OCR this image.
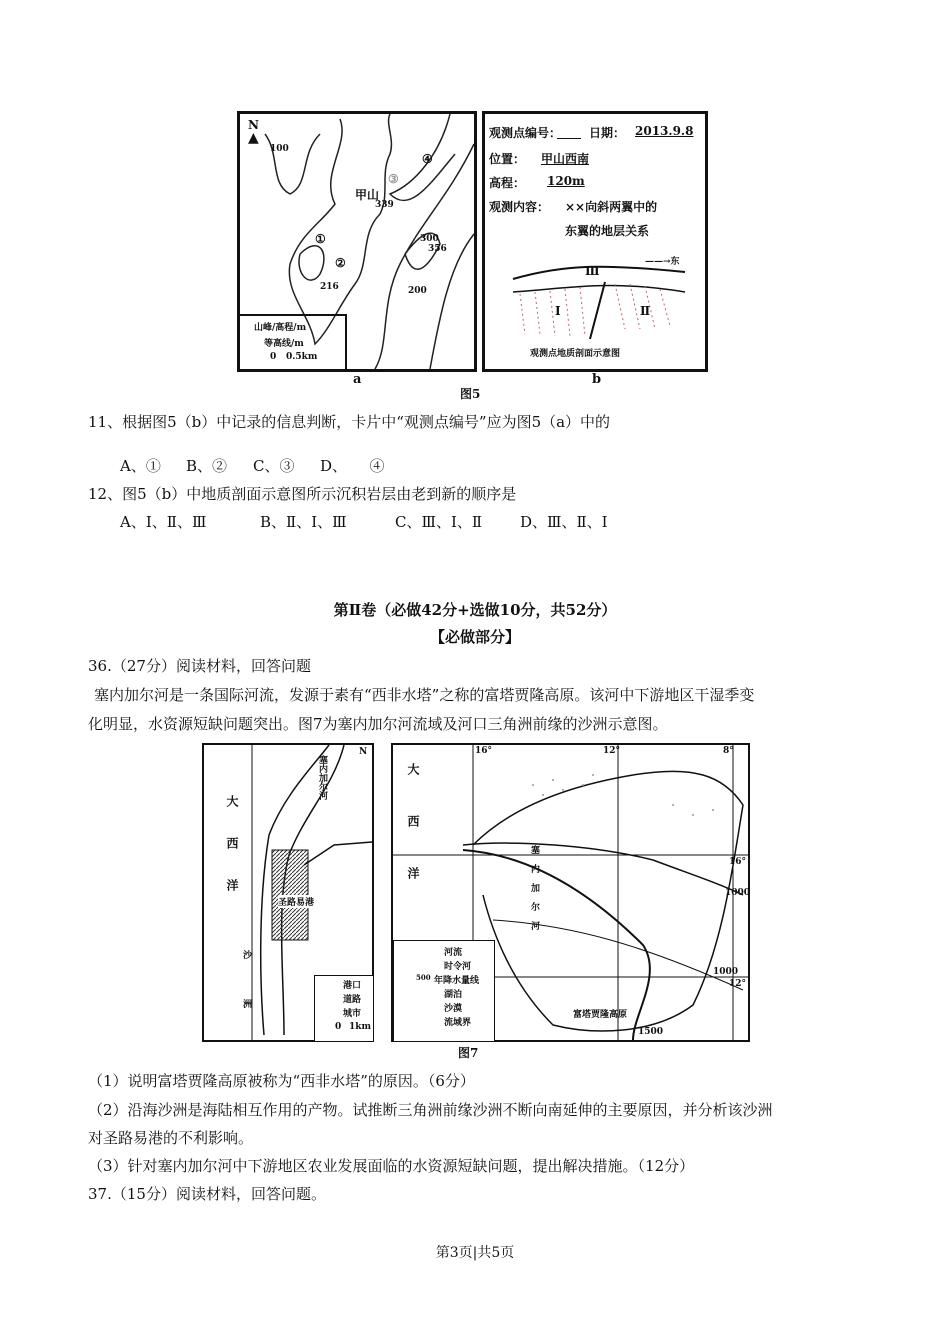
N
▲
100
甲山
339
③
④
①
②
216
300
356
200
山峰/高程/m
等高线/m
0 0.5km
a
观测点编号： 日期： 2013.9.8
位置： 甲山西南
高程： 120m
观测内容： ××向斜两翼中的
东翼的地层关系
——→东
Ⅲ
Ⅰ	Ⅱ
观测点地质剖面示意图
b
图5
11、根据图5（b）中记录的信息判断，卡片中“观测点编号”应为图5（a）中的
A、① B、② C、③ D、　　④
12、图5（b）中地质剖面示意图所示沉积岩层由老到新的顺序是
A、Ⅰ、Ⅱ、Ⅲ	B、Ⅱ、Ⅰ、Ⅲ	C、Ⅲ、Ⅰ、Ⅱ	D、Ⅲ、Ⅱ、Ⅰ
第Ⅱ卷（必做42分+选做10分，共52分）
【必做部分】
36.（27分）阅读材料，回答问题
塞内加尔河是一条国际河流，发源于素有“西非水塔”之称的富塔贾隆高原。该河中下游地区干湿季变
化明显，水资源短缺问题突出。图7为塞内加尔河流域及河口三角洲前缘的沙洲示意图。
大西洋
塞内加尔河
N
圣路易港
沙洲	港口
道路
城市
0 1km
大西洋	塞内加尔河
富塔贾隆高原
16°	12°	8°
16°
12°
1000
1000
1500
河流
时令河
500 年降水量线
湖泊
沙漠
流域界
图7
（1）说明富塔贾隆高原被称为“西非水塔”的原因。（6分）
（2）沿海沙洲是海陆相互作用的产物。试推断三角洲前缘沙洲不断向南延伸的主要原因，并分析该沙洲
对圣路易港的不利影响。
（3）针对塞内加尔河中下游地区农业发展面临的水资源短缺问题，提出解决措施。（12分）
37.（15分）阅读材料，回答问题。
第3页|共5页
